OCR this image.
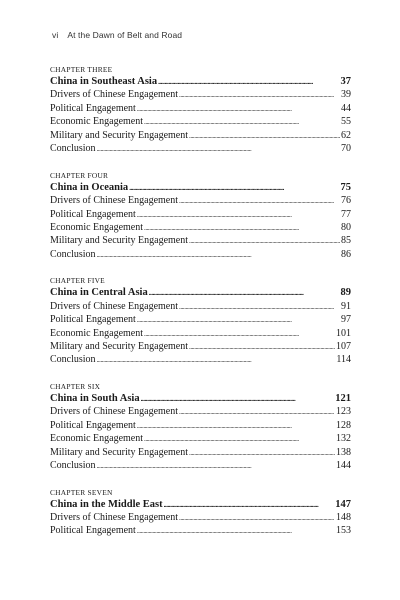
vi At the Dawn of Belt and Road
CHAPTER THREE
China in Southeast Asia . . .	37
Drivers of Chinese Engagement . . .	39
Political Engagement . . .	44
Economic Engagement . . .	55
Military and Security Engagement . . .	62
Conclusion . . .	70
CHAPTER FOUR
China in Oceania . . .	75
Drivers of Chinese Engagement . . .	76
Political Engagement . . .	77
Economic Engagement . . .	80
Military and Security Engagement . . .	85
Conclusion . . .	86
CHAPTER FIVE
China in Central Asia . . .	89
Drivers of Chinese Engagement . . .	91
Political Engagement . . .	97
Economic Engagement . . .	101
Military and Security Engagement . . .	107
Conclusion . . .	114
CHAPTER SIX
China in South Asia . . .	121
Drivers of Chinese Engagement . . .	123
Political Engagement . . .	128
Economic Engagement . . .	132
Military and Security Engagement . . .	138
Conclusion . . .	144
CHAPTER SEVEN
China in the Middle East . . .	147
Drivers of Chinese Engagement . . .	148
Political Engagement . . .	153
